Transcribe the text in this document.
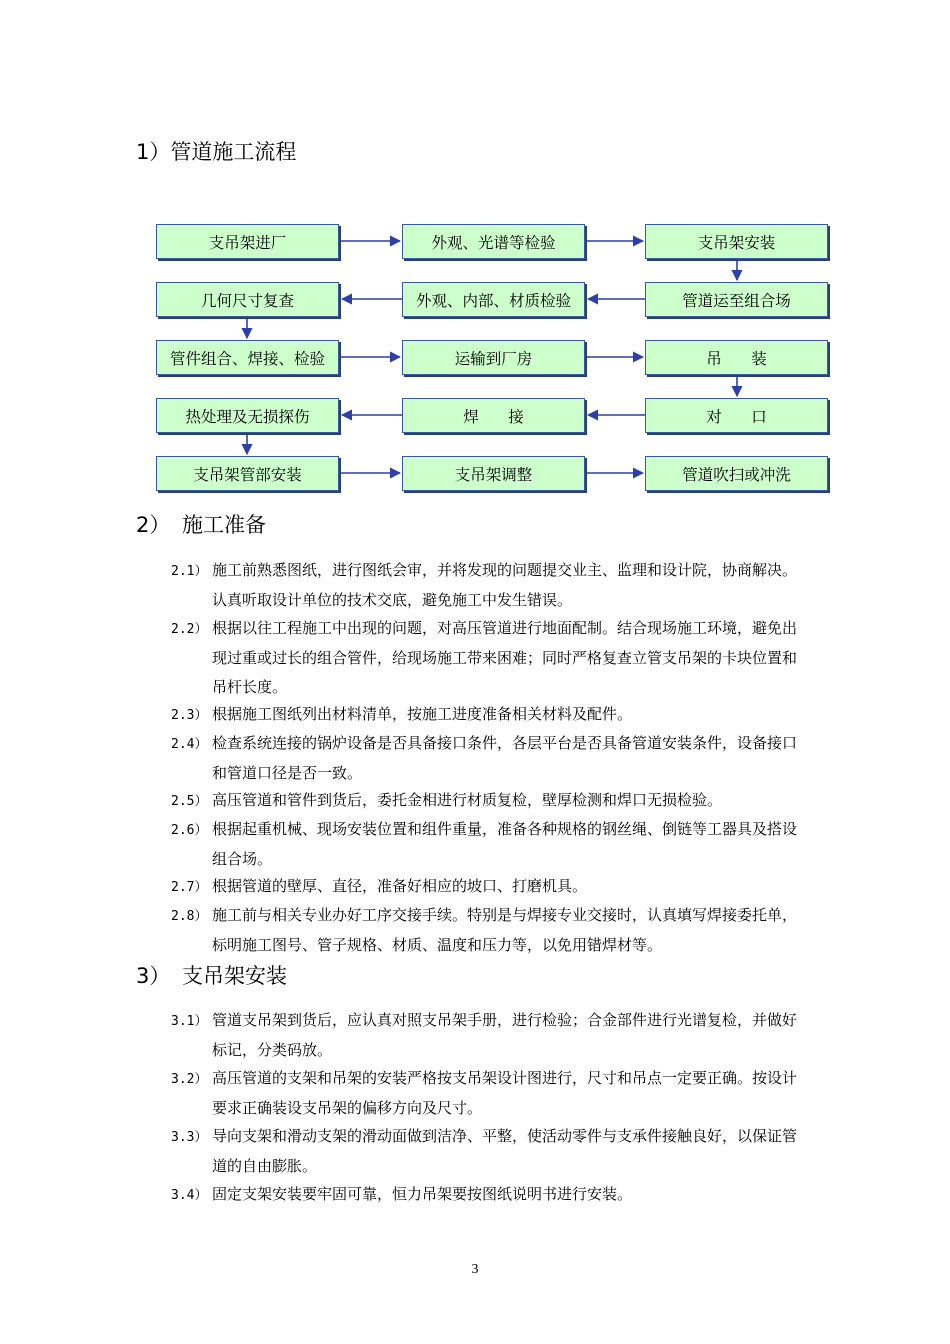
1）管道施工流程
支吊架进厂	外观、光谱等检验	支吊架安装
几何尺寸复查	外观、内部、材质检验	管道运至组合场
管件组合、焊接、检验	运输到厂房	吊      装
热处理及无损探伤	焊      接	对      口
支吊架管部安装	支吊架调整	管道吹扫或冲洗
2） 施工准备

2.1） 施工前熟悉图纸，进行图纸会审，并将发现的问题提交业主、监理和设计院，协商解决。
认真听取设计单位的技术交底，避免施工中发生错误。

2.2） 根据以往工程施工中出现的问题，对高压管道进行地面配制。结合现场施工环境，避免出
现过重或过长的组合管件，给现场施工带来困难；同时严格复查立管支吊架的卡块位置和
吊杆长度。

2.3） 根据施工图纸列出材料清单，按施工进度准备相关材料及配件。

2.4） 检查系统连接的锅炉设备是否具备接口条件，各层平台是否具备管道安装条件，设备接口
和管道口径是否一致。

2.5） 高压管道和管件到货后，委托金相进行材质复检，壁厚检测和焊口无损检验。

2.6） 根据起重机械、现场安装位置和组件重量，准备各种规格的钢丝绳、倒链等工器具及搭设
组合场。

2.7） 根据管道的壁厚、直径，准备好相应的坡口、打磨机具。

2.8） 施工前与相关专业办好工序交接手续。特别是与焊接专业交接时，认真填写焊接委托单，
标明施工图号、管子规格、材质、温度和压力等，以免用错焊材等。

3） 支吊架安装

3.1） 管道支吊架到货后，应认真对照支吊架手册，进行检验；合金部件进行光谱复检，并做好
标记，分类码放。

3.2） 高压管道的支架和吊架的安装严格按支吊架设计图进行，尺寸和吊点一定要正确。按设计
要求正确装设支吊架的偏移方向及尺寸。

3.3） 导向支架和滑动支架的滑动面做到洁净、平整，使活动零件与支承件接触良好，以保证管
道的自由膨胀。

3.4） 固定支架安装要牢固可靠，恒力吊架要按图纸说明书进行安装。

3
